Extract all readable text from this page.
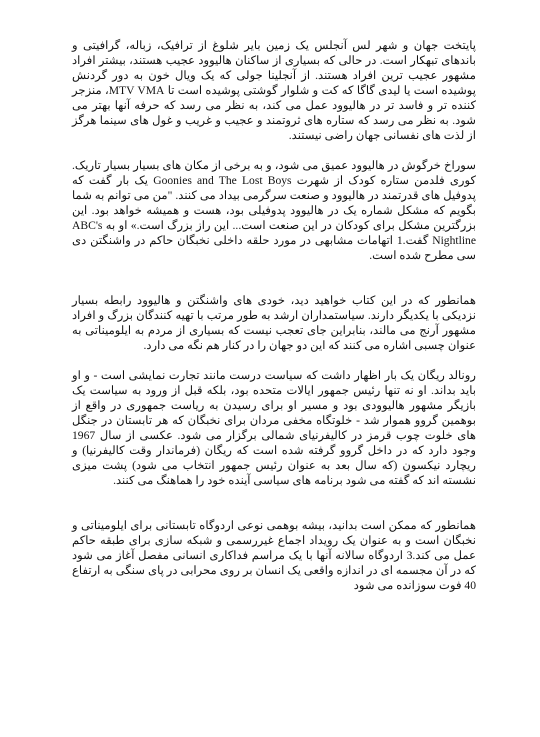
پایتخت جهان و شهر لس آنجلس یک زمین بایر شلوغ از ترافیک، زباله، گرافیتی و باندهای تبهکار است. در حالی که بسیاری از ساکنان هالیوود عجیب هستند، بیشتر افراد مشهور عجیب ترین افراد هستند. از آنجلینا جولی که یک ویال خون به دور گردنش پوشیده است یا لیدی گاگا که کت و شلوار گوشتی پوشیده است تا MTV VMA، منزجر کننده تر و فاسد تر در هالیوود عمل می کند، به نظر می رسد که حرفه آنها بهتر می شود. به نظر می رسد که ستاره های ثروتمند و عجیب و غریب و غول های سینما هرگز از لذت های نفسانی جهان راضی نیستند.

سوراخ خرگوش در هالیوود عمیق می شود، و به برخی از مکان های بسیار بسیار تاریک. کوری فلدمن ستاره کودک از شهرت Goonies and The Lost Boys یک بار گفت که پدوفیل های قدرتمند در هالیوود و صنعت سرگرمی بیداد می کنند. "من می توانم به شما بگویم که مشکل شماره یک در هالیوود پدوفیلی بود، هست و همیشه خواهد بود. این بزرگترین مشکل برای کودکان در این صنعت است... این راز بزرگ است.» او به ABC's Nightline گفت.1 اتهامات مشابهی در مورد حلقه داخلی نخبگان حاکم در واشنگتن دی سی مطرح شده است.

همانطور که در این کتاب خواهید دید، خودی های واشنگتن و هالیوود رابطه بسیار نزدیکی با یکدیگر دارند. سیاستمداران ارشد به طور مرتب با تهیه کنندگان بزرگ و افراد مشهور آرنج می مالند، بنابراین جای تعجب نیست که بسیاری از مردم به ایلومیناتی به عنوان چسبی اشاره می کنند که این دو جهان را در کنار هم نگه می دارد.

رونالد ریگان یک بار اظهار داشت که سیاست درست مانند تجارت نمایشی است - و او باید بداند. او نه تنها رئیس جمهور ایالات متحده بود، بلکه قبل از ورود به سیاست یک بازیگر مشهور هالیوودی بود و مسیر او برای رسیدن به ریاست جمهوری در واقع از بوهمین گروو هموار شد - خلوتگاه مخفی مردان برای نخبگان که هر تابستان در جنگل های خلوت چوب قرمز در کالیفرنیای شمالی برگزار می شود. عکسی از سال 1967 وجود دارد که در داخل گروو گرفته شده است که ریگان (فرماندار وقت کالیفرنیا) و ریچارد نیکسون (که سال بعد به عنوان رئیس جمهور انتخاب می شود) پشت میزی نشسته اند که گفته می شود برنامه های سیاسی آینده خود را هماهنگ می کنند.

همانطور که ممکن است بدانید، بیشه بوهمی نوعی اردوگاه تابستانی برای ایلومیناتی و نخبگان است و به عنوان یک رویداد اجماع غیررسمی و شبکه سازی برای طبقه حاکم عمل می کند.3 اردوگاه سالانه آنها با یک مراسم فداکاری انسانی مفصل آغاز می شود که در آن مجسمه ای در اندازه واقعی یک انسان بر روی محرابی در پای سنگی به ارتفاع 40 فوت سوزانده می شود
